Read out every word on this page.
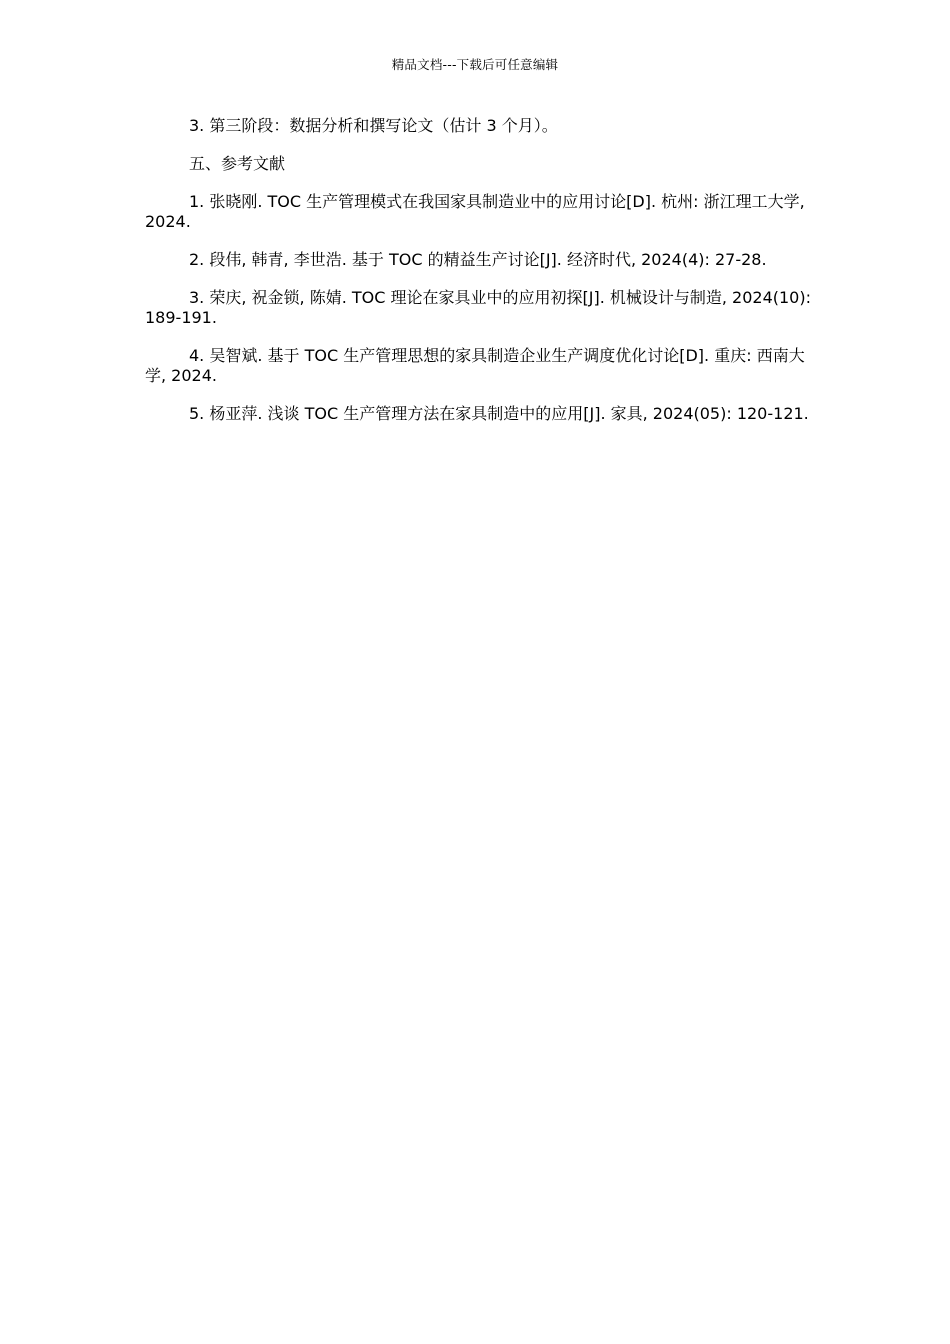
精品文档---下载后可任意编辑

3. 第三阶段：数据分析和撰写论文（估计 3 个月）。

五、参考文献

1. 张晓刚. TOC 生产管理模式在我国家具制造业中的应用讨论[D]. 杭州: 浙江理工大学, 2024.

2. 段伟, 韩青, 李世浩. 基于 TOC 的精益生产讨论[J]. 经济时代, 2024(4): 27-28.

3. 荣庆, 祝金锁, 陈婧. TOC 理论在家具业中的应用初探[J]. 机械设计与制造, 2024(10): 189-191.

4. 吴智斌. 基于 TOC 生产管理思想的家具制造企业生产调度优化讨论[D]. 重庆: 西南大学, 2024.

5. 杨亚萍. 浅谈 TOC 生产管理方法在家具制造中的应用[J]. 家具, 2024(05): 120-121.
